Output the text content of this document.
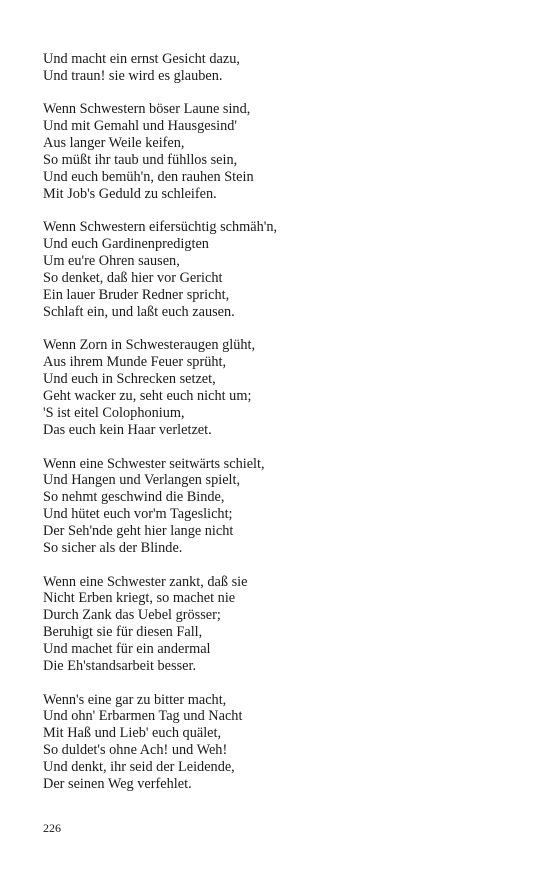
Und macht ein ernst Gesicht dazu,
Und traun! sie wird es glauben.
Wenn Schwestern böser Laune sind,
Und mit Gemahl und Hausgesind'
Aus langer Weile keifen,
So müßt ihr taub und fühllos sein,
Und euch bemüh'n, den rauhen Stein
Mit Job's Geduld zu schleifen.
Wenn Schwestern eifersüchtig schmäh'n,
Und euch Gardinenpredigten
Um eu're Ohren sausen,
So denket, daß hier vor Gericht
Ein lauer Bruder Redner spricht,
Schlaft ein, und laßt euch zausen.
Wenn Zorn in Schwesteraugen glüht,
Aus ihrem Munde Feuer sprüht,
Und euch in Schrecken setzet,
Geht wacker zu, seht euch nicht um;
'S ist eitel Colophonium,
Das euch kein Haar verletzet.
Wenn eine Schwester seitwärts schielt,
Und Hangen und Verlangen spielt,
So nehmt geschwind die Binde,
Und hütet euch vor'm Tageslicht;
Der Seh'nde geht hier lange nicht
So sicher als der Blinde.
Wenn eine Schwester zankt, daß sie
Nicht Erben kriegt, so machet nie
Durch Zank das Uebel grösser;
Beruhigt sie für diesen Fall,
Und machet für ein andermal
Die Eh'standsarbeit besser.
Wenn's eine gar zu bitter macht,
Und ohn' Erbarmen Tag und Nacht
Mit Haß und Lieb' euch quälet,
So duldet's ohne Ach! und Weh!
Und denkt, ihr seid der Leidende,
Der seinen Weg verfehlet.
226
